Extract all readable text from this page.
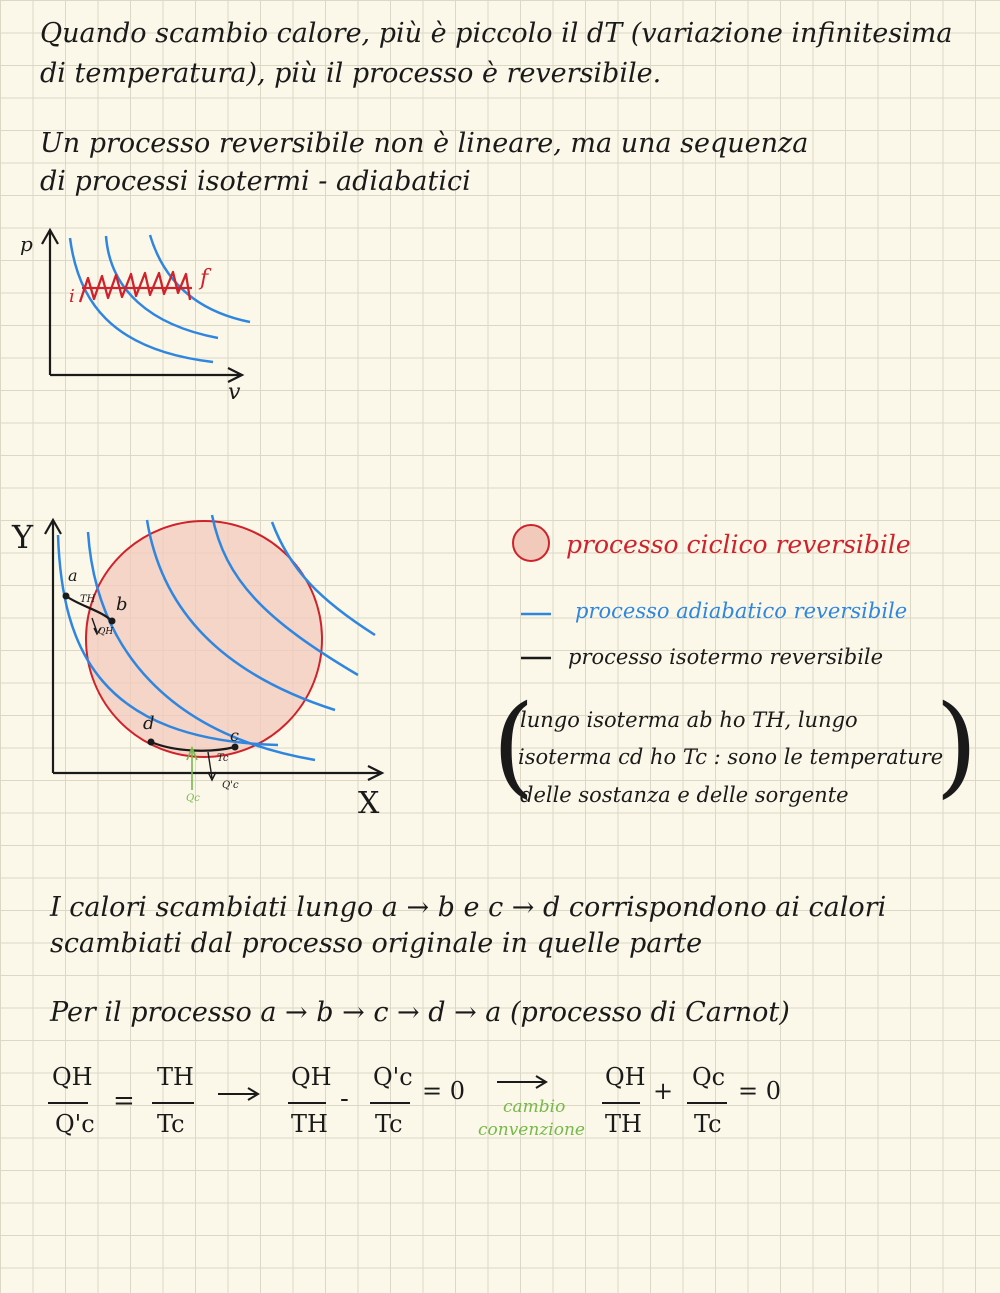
Quando scambio calore, più è piccolo il dT (variazione infinitesima
di temperatura), più il processo è reversibile.
Un processo reversibile non è lineare, ma una sequenza
di processi isotermi - adiabatici
p
v
i
f
Y
X
a
b
d
c
TH
QH
Tc
Q'c
Qc
processo ciclico reversibile
processo adiabatico reversibile
processo isotermo reversibile
(	)
lungo isoterma ab ho TH, lungo
isoterma cd ho Tc : sono le temperature
delle sostanza e delle sorgente
I calori scambiati lungo a → b e c → d corrispondono ai calori
scambiati dal processo originale in quelle parte
Per il processo a → b → c → d → a (processo di Carnot)
QH
Q'c
=
TH
Tc
QH
TH
-
Q'c
Tc
= 0
cambio
convenzione
QH
TH
+ Qc
Tc
= 0
